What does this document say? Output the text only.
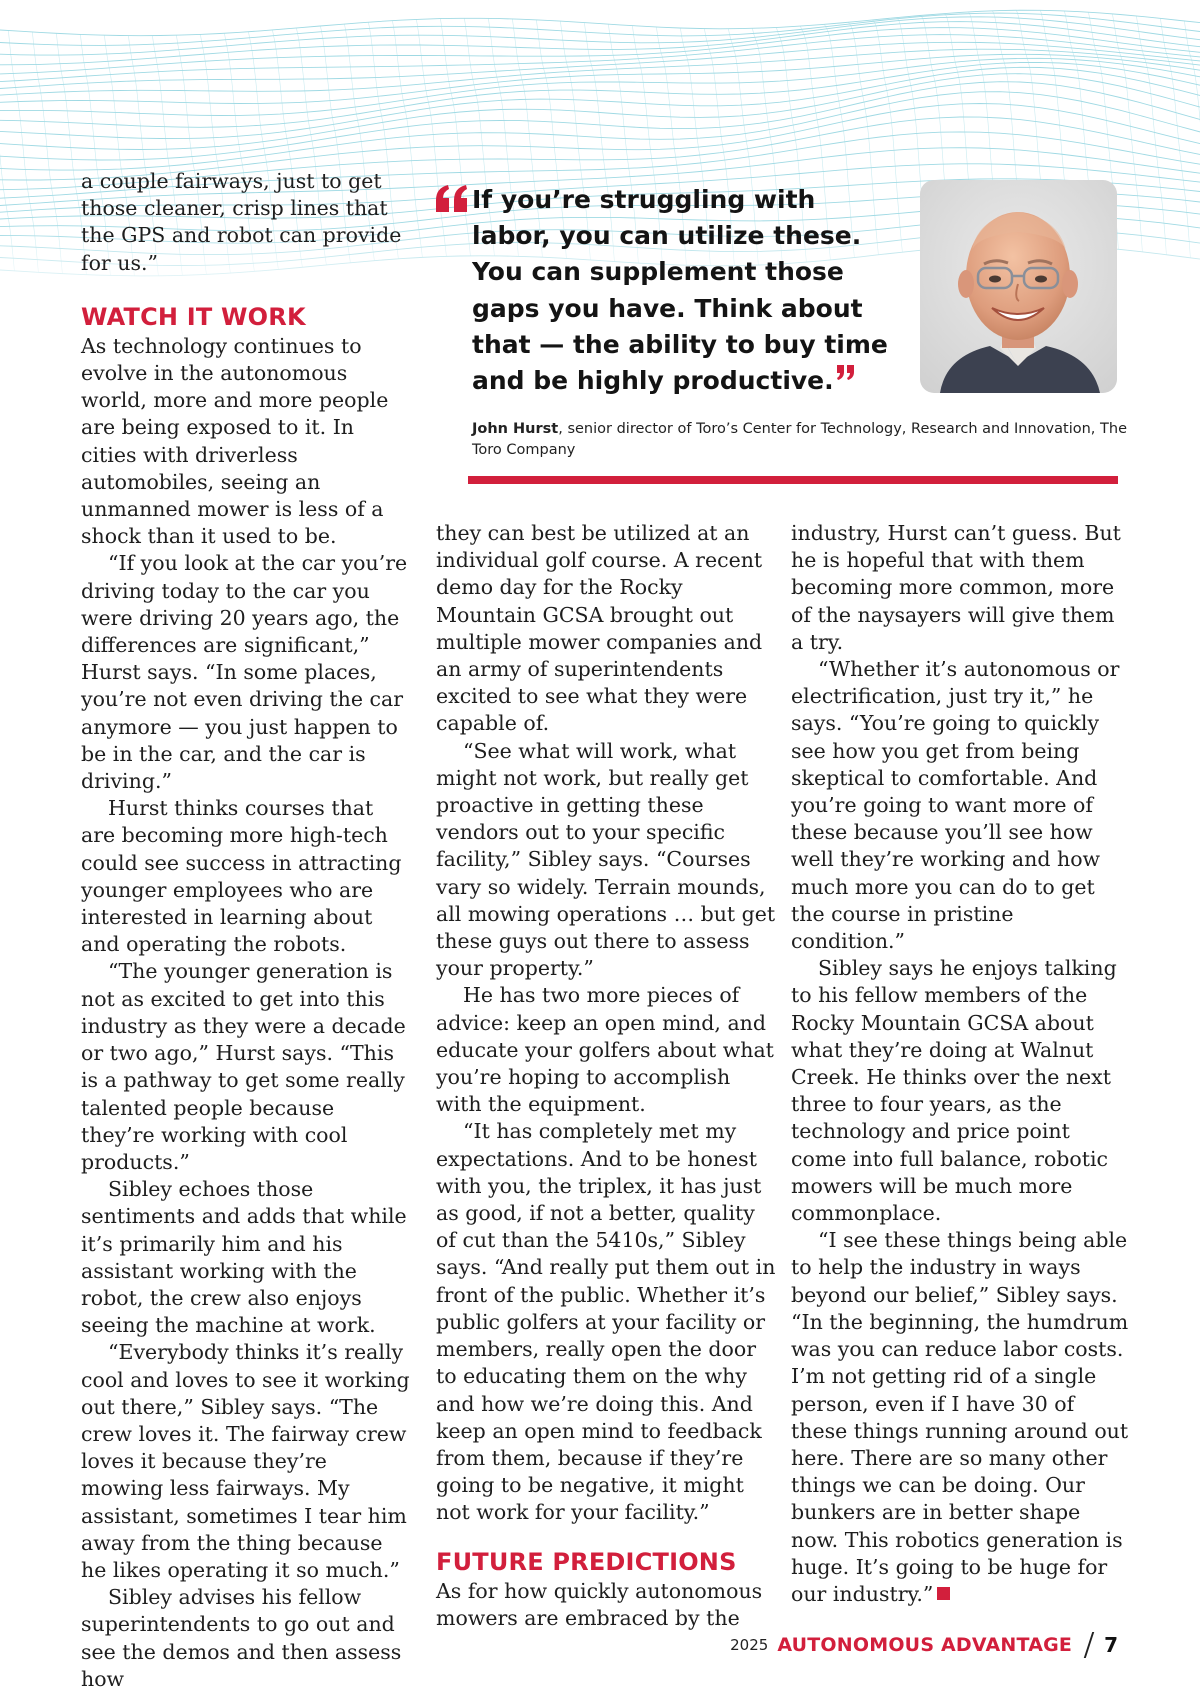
a couple fairways, just to get those cleaner, crisp lines that the GPS and robot can provide for us.”

WATCH IT WORK

As technology continues to evolve in the autonomous world, more and more people are being exposed to it. In cities with driverless automobiles, seeing an unmanned mower is less of a shock than it used to be.

“If you look at the car you’re driving today to the car you were driving 20 years ago, the differences are significant,” Hurst says. “In some places, you’re not even driving the car anymore — you just happen to be in the car, and the car is driving.”

Hurst thinks courses that are becoming more high-tech could see success in attracting younger employees who are interested in learning about and operating the robots.

“The younger generation is not as excited to get into this industry as they were a decade or two ago,” Hurst says. “This is a pathway to get some really talented people because they’re working with cool products.”

Sibley echoes those sentiments and adds that while it’s primarily him and his assistant working with the robot, the crew also enjoys seeing the machine at work.

“Everybody thinks it’s really cool and loves to see it working out there,” Sibley says. “The crew loves it. The fairway crew loves it because they’re mowing less fairways. My assistant, sometimes I tear him away from the thing because he likes operating it so much.”

Sibley advises his fellow superintendents to go out and see the demos and then assess how

If you’re struggling with labor, you can utilize these. You can supplement those gaps you have. Think about that — the ability to buy time and be highly productive.
John Hurst, senior director of Toro’s Center for Technology, Research and Innovation, The Toro Company

they can best be utilized at an individual golf course. A recent demo day for the Rocky Mountain GCSA brought out multiple mower companies and an army of superintendents excited to see what they were capable of.

“See what will work, what might not work, but really get proactive in getting these vendors out to your specific facility,” Sibley says. “Courses vary so widely. Terrain mounds, all mowing operations … but get these guys out there to assess your property.”

He has two more pieces of advice: keep an open mind, and educate your golfers about what you’re hoping to accomplish with the equipment.

“It has completely met my expectations. And to be honest with you, the triplex, it has just as good, if not a better, quality of cut than the 5410s,” Sibley says. “And really put them out in front of the public. Whether it’s public golfers at your facility or members, really open the door to educating them on the why and how we’re doing this. And keep an open mind to feedback from them, because if they’re going to be negative, it might not work for your facility.”

FUTURE PREDICTIONS

As for how quickly autonomous mowers are embraced by the

industry, Hurst can’t guess. But he is hopeful that with them becoming more common, more of the naysayers will give them a try.

“Whether it’s autonomous or electrification, just try it,” he says. “You’re going to quickly see how you get from being skeptical to comfortable. And you’re going to want more of these because you’ll see how well they’re working and how much more you can do to get the course in pristine condition.”

Sibley says he enjoys talking to his fellow members of the Rocky Mountain GCSA about what they’re doing at Walnut Creek. He thinks over the next three to four years, as the technology and price point come into full balance, robotic mowers will be much more commonplace.

“I see these things being able to help the industry in ways beyond our belief,” Sibley says. “In the beginning, the humdrum was you can reduce labor costs. I’m not getting rid of a single person, even if I have 30 of these things running around out here. There are so many other things we can be doing. Our bunkers are in better shape now. This robotics generation is huge. It’s going to be huge for our industry.”

2025 AUTONOMOUS ADVANTAGE 7
